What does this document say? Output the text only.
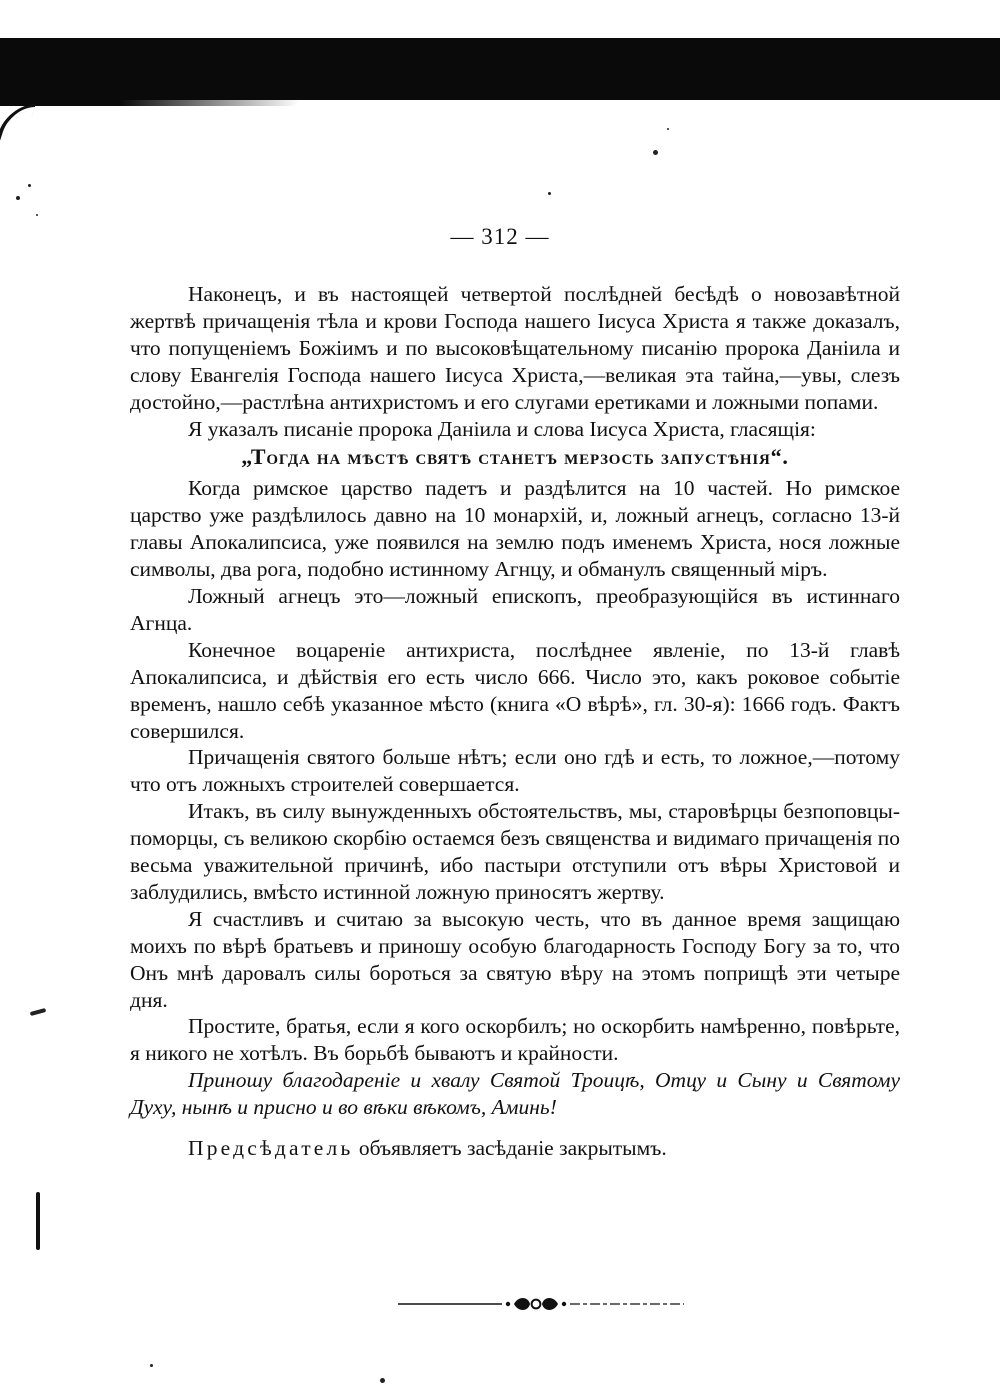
— 312 —

Наконецъ, и въ настоящей четвертой послѣдней бесѣдѣ о новозавѣтной жертвѣ причащенія тѣла и крови Господа нашего Іисуса Христа я также доказалъ, что попущеніемъ Божіимъ и по высоковѣщательному писанію пророка Даніила и слову Евангелія Господа нашего Іисуса Христа,—великая эта тайна,—увы, слезъ достойно,—растлѣна антихристомъ и его слугами еретиками и ложными попами.

Я указалъ писаніе пророка Даніила и слова Іисуса Христа, гласящія:

„Тогда на мѣстѣ святѣ станетъ мерзость запустѣнія“.

Когда римское царство падетъ и раздѣлится на 10 частей. Но римское царство уже раздѣлилось давно на 10 монархій, и, ложный агнецъ, согласно 13-й главы Апокалипсиса, уже появился на землю подъ именемъ Христа, нося ложные символы, два рога, подобно истинному Агнцу, и обманулъ священный міръ.

Ложный агнецъ это—ложный епископъ, преобразующійся въ истиннаго Агнца.

Конечное воцареніе антихриста, послѣднее явленіе, по 13-й главѣ Апокалипсиса, и дѣйствія его есть число 666. Число это, какъ роковое событіе временъ, нашло себѣ указанное мѣсто (книга «О вѣрѣ», гл. 30-я): 1666 годъ. Фактъ совершился.

Причащенія святого больше нѣтъ; если оно гдѣ и есть, то ложное,—потому что отъ ложныхъ строителей совершается.

Итакъ, въ силу вынужденныхъ обстоятельствъ, мы, старовѣрцы безпоповцы-поморцы, съ великою скорбію остаемся безъ священства и видимаго причащенія по весьма уважительной причинѣ, ибо пастыри отступили отъ вѣры Христовой и заблудились, вмѣсто истинной ложную приносятъ жертву.

Я счастливъ и считаю за высокую честь, что въ данное время защищаю моихъ по вѣрѣ братьевъ и приношу особую благодарность Господу Богу за то, что Онъ мнѣ даровалъ силы бороться за святую вѣру на этомъ поприщѣ эти четыре дня.

Простите, братья, если я кого оскорбилъ; но оскорбить намѣренно, повѣрьте, я никого не хотѣлъ. Въ борьбѣ бываютъ и крайности.

Приношу благодареніе и хвалу Святой Троицѣ, Отцу и Сыну и Святому Духу, нынѣ и присно и во вѣки вѣкомъ, Аминь!

Предсѣдатель объявляетъ засѣданіе закрытымъ.
